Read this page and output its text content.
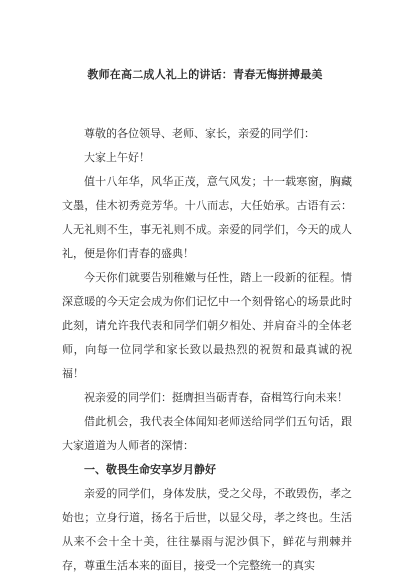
教师在高二成人礼上的讲话：青春无悔拼搏最美

尊敬的各位领导、老师、家长，亲爱的同学们：

大家上午好！

值十八年华，风华正茂，意气风发；十一载寒窗，胸藏文墨，佳木初秀竞芳华。十八而志，大任始承。古语有云：人无礼则不生，事无礼则不成。亲爱的同学们，今天的成人礼，便是你们青春的盛典！

今天你们就要告别稚嫩与任性，踏上一段新的征程。情深意暖的今天定会成为你们记忆中一个刻骨铭心的场景此时此刻，请允许我代表和同学们朝夕相处、并肩奋斗的全体老师，向每一位同学和家长致以最热烈的祝贺和最真诚的祝福！

祝亲爱的同学们：挺膺担当砺青春，奋楫笃行向未来！

借此机会，我代表全体闻知老师送给同学们五句话，跟大家道道为人师者的深情：

一、敬畏生命安享岁月静好

亲爱的同学们，身体发肤，受之父母，不敢毁伤，孝之始也；立身行道，扬名于后世，以显父母，孝之终也。生活从来不会十全十美，往往暴雨与泥沙俱下，鲜花与荆棘并存，尊重生活本来的面目，接受一个完整统一的真实
